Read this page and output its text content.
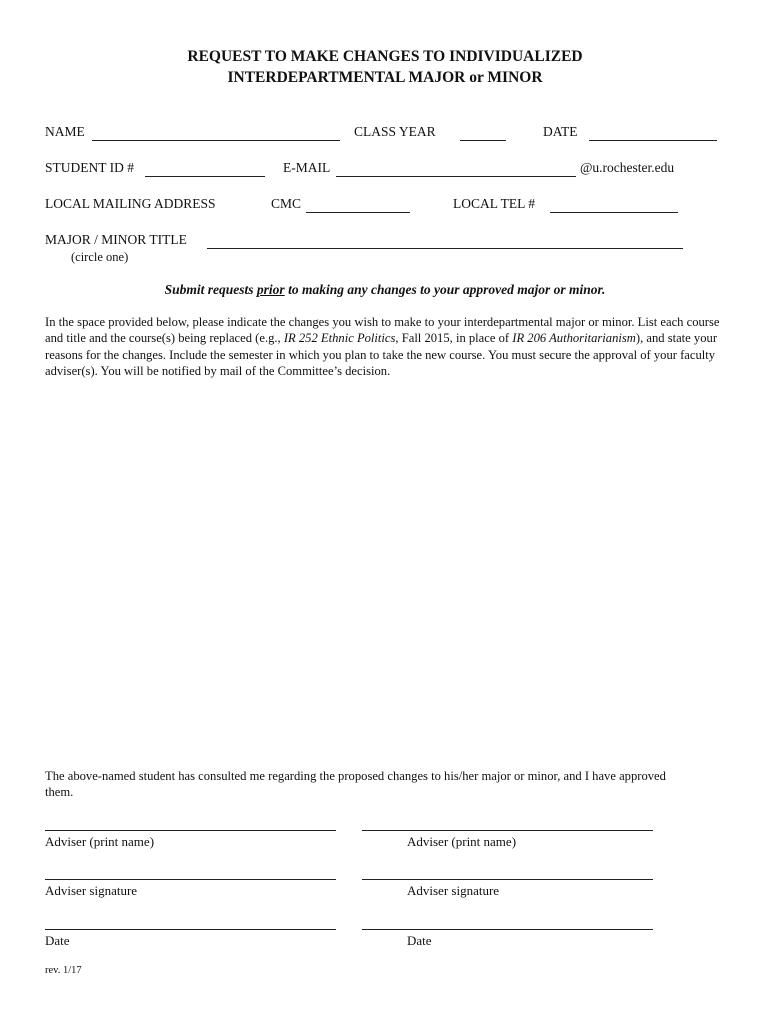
REQUEST TO MAKE CHANGES TO INDIVIDUALIZED
INTERDEPARTMENTAL MAJOR or MINOR
NAME	CLASS YEAR	DATE
STUDENT ID #	E-MAIL	@u.rochester.edu
LOCAL MAILING ADDRESS	CMC	LOCAL TEL #
MAJOR / MINOR TITLE
(circle one)
Submit requests prior to making any changes to your approved major or minor.
In the space provided below, please indicate the changes you wish to make to your interdepartmental major or minor. List each course and title and the course(s) being replaced (e.g., IR 252 Ethnic Politics, Fall 2015, in place of IR 206 Authoritarianism), and state your reasons for the changes. Include the semester in which you plan to take the new course. You must secure the approval of your faculty adviser(s). You will be notified by mail of the Committee’s decision.
The above-named student has consulted me regarding the proposed changes to his/her major or minor, and I have approved them.
Adviser (print name)	Adviser (print name)
Adviser signature	Adviser signature
Date	Date
rev. 1/17
